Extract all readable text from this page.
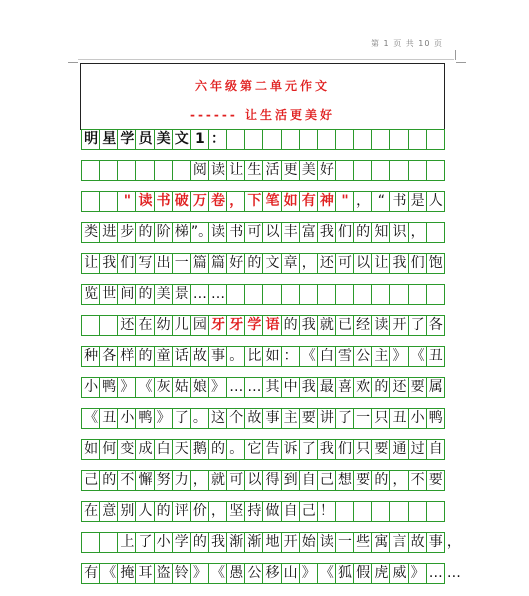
第 1 页 共 10 页
六年级第二单元作文
------ 让生活更美好
明 星 学 员 美 文 1 ：
阅 读 让 生 活 更 美 好
" 读 书 破 万 卷 ， 下 笔 如 有 神 " ， “ 书 是 人
类 进 步 的 阶 梯 ”。
读 书 可 以 丰 富 我 们 的 知 识 ，
让 我 们 写 出 一 篇 篇 好 的 文 章 ， 还 可 以 让 我 们 饱
览 世 间 的 美 景 … …
还 在 幼 儿 园 牙 牙 学 语 的 我 就 已 经 读 开 了 各
种 各 样 的 童 话 故 事 。 比 如 ： 《 白 雪 公 主 》 《 丑
小 鸭 》 《 灰 姑 娘 》 … … 其 中 我 最 喜 欢 的 还 要 属
《 丑 小 鸭 》 了 。 这 个 故 事 主 要 讲 了 一 只 丑 小 鸭
如 何 变 成 白 天 鹅 的 。 它 告 诉 了 我 们 只 要 通 过 自
己 的 不 懈 努 力 ， 就 可 以 得 到 自 己 想 要 的 ， 不 要
在 意 别 人 的 评 价 ， 坚 持 做 自 己 ！
上 了 小 学 的 我 渐 渐 地 开 始 读 一 些 寓 言 故 事 ，
有 《 掩 耳 盗 铃 》 《 愚 公 移 山 》 《 狐 假 虎 威 》 … …
